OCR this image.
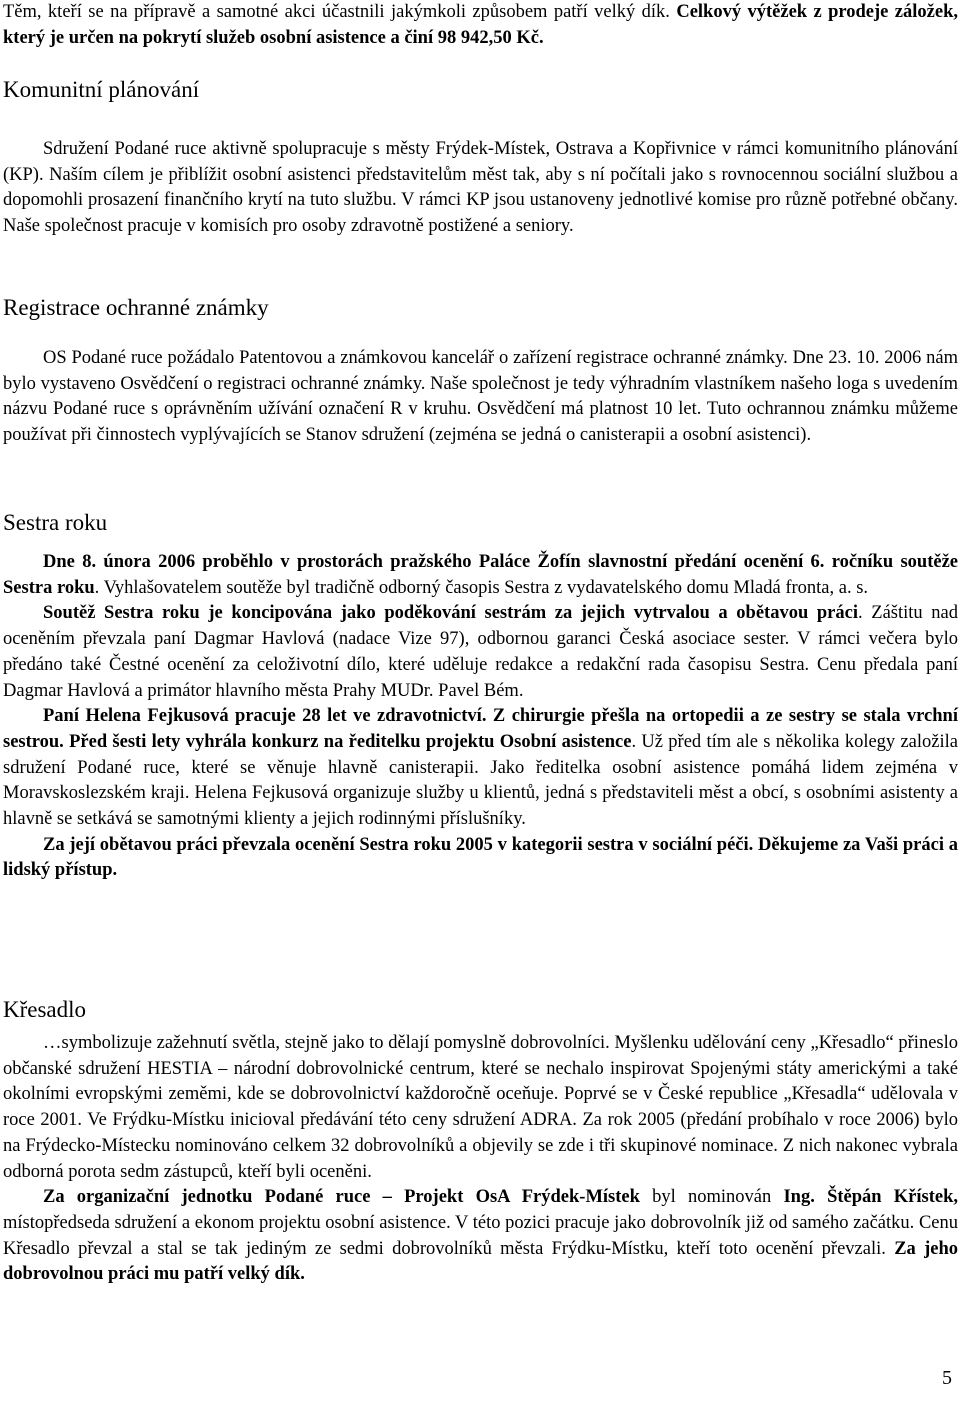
Těm, kteří se na přípravě a samotné akci účastnili jakýmkoli způsobem patří velký dík. Celkový výtěžek z prodeje záložek, který je určen na pokrytí služeb osobní asistence a činí 98 942,50 Kč.

Komunitní plánování

Sdružení Podané ruce aktivně spolupracuje s městy Frýdek-Místek, Ostrava a Kopřivnice v rámci komunitního plánování (KP). Naším cílem je přiblížit osobní asistenci představitelům měst tak, aby s ní počítali jako s rovnocennou sociální službou a dopomohli prosazení finančního krytí na tuto službu. V rámci KP jsou ustanoveny jednotlivé komise pro různě potřebné občany. Naše společnost pracuje v komisích pro osoby zdravotně postižené a seniory.

Registrace ochranné známky

OS Podané ruce požádalo Patentovou a známkovou kancelář o zařízení registrace ochranné známky. Dne 23. 10. 2006 nám bylo vystaveno Osvědčení o registraci ochranné známky. Naše společnost je tedy výhradním vlastníkem našeho loga s uvedením názvu Podané ruce s oprávněním užívání označení R v kruhu. Osvědčení má platnost 10 let. Tuto ochrannou známku můžeme používat při činnostech vyplývajících se Stanov sdružení (zejména se jedná o canisterapii a osobní asistenci).

Sestra roku

Dne 8. února 2006 proběhlo v prostorách pražského Paláce Žofín slavnostní předání ocenění 6. ročníku soutěže Sestra roku. Vyhlašovatelem soutěže byl tradičně odborný časopis Sestra z vydavatelského domu Mladá fronta, a. s.

Soutěž Sestra roku je koncipována jako poděkování sestrám za jejich vytrvalou a obětavou práci. Záštitu nad oceněním převzala paní Dagmar Havlová (nadace Vize 97), odbornou garanci Česká asociace sester. V rámci večera bylo předáno také Čestné ocenění za celoživotní dílo, které uděluje redakce a redakční rada časopisu Sestra. Cenu předala paní Dagmar Havlová a primátor hlavního města Prahy MUDr. Pavel Bém.

Paní Helena Fejkusová pracuje 28 let ve zdravotnictví. Z chirurgie přešla na ortopedii a ze sestry se stala vrchní sestrou. Před šesti lety vyhrála konkurz na ředitelku projektu Osobní asistence. Už před tím ale s několika kolegy založila sdružení Podané ruce, které se věnuje hlavně canisterapii. Jako ředitelka osobní asistence pomáhá lidem zejména v Moravskoslezském kraji. Helena Fejkusová organizuje služby u klientů, jedná s představiteli měst a obcí, s osobními asistenty a hlavně se setkává se samotnými klienty a jejich rodinnými příslušníky.

Za její obětavou práci převzala ocenění Sestra roku 2005 v kategorii sestra v sociální péči. Děkujeme za Vaši práci a lidský přístup.

Křesadlo

…symbolizuje zažehnutí světla, stejně jako to dělají pomyslně dobrovolníci. Myšlenku udělování ceny „Křesadlo“ přineslo občanské sdružení HESTIA – národní dobrovolnické centrum, které se nechalo inspirovat Spojenými státy americkými a také okolními evropskými zeměmi, kde se dobrovolnictví každoročně oceňuje. Poprvé se v České republice „Křesadla“ udělovala v roce 2001. Ve Frýdku-Místku inicioval předávání této ceny sdružení ADRA. Za rok 2005 (předání probíhalo v roce 2006) bylo na Frýdecko-Místecku nominováno celkem 32 dobrovolníků a objevily se zde i tři skupinové nominace. Z nich nakonec vybrala odborná porota sedm zástupců, kteří byli oceněni.

Za organizační jednotku Podané ruce – Projekt OsA Frýdek-Místek byl nominován Ing. Štěpán Křístek, místopředseda sdružení a ekonom projektu osobní asistence. V této pozici pracuje jako dobrovolník již od samého začátku. Cenu Křesadlo převzal a stal se tak jediným ze sedmi dobrovolníků města Frýdku-Místku, kteří toto ocenění převzali. Za jeho dobrovolnou práci mu patří velký dík.

5
